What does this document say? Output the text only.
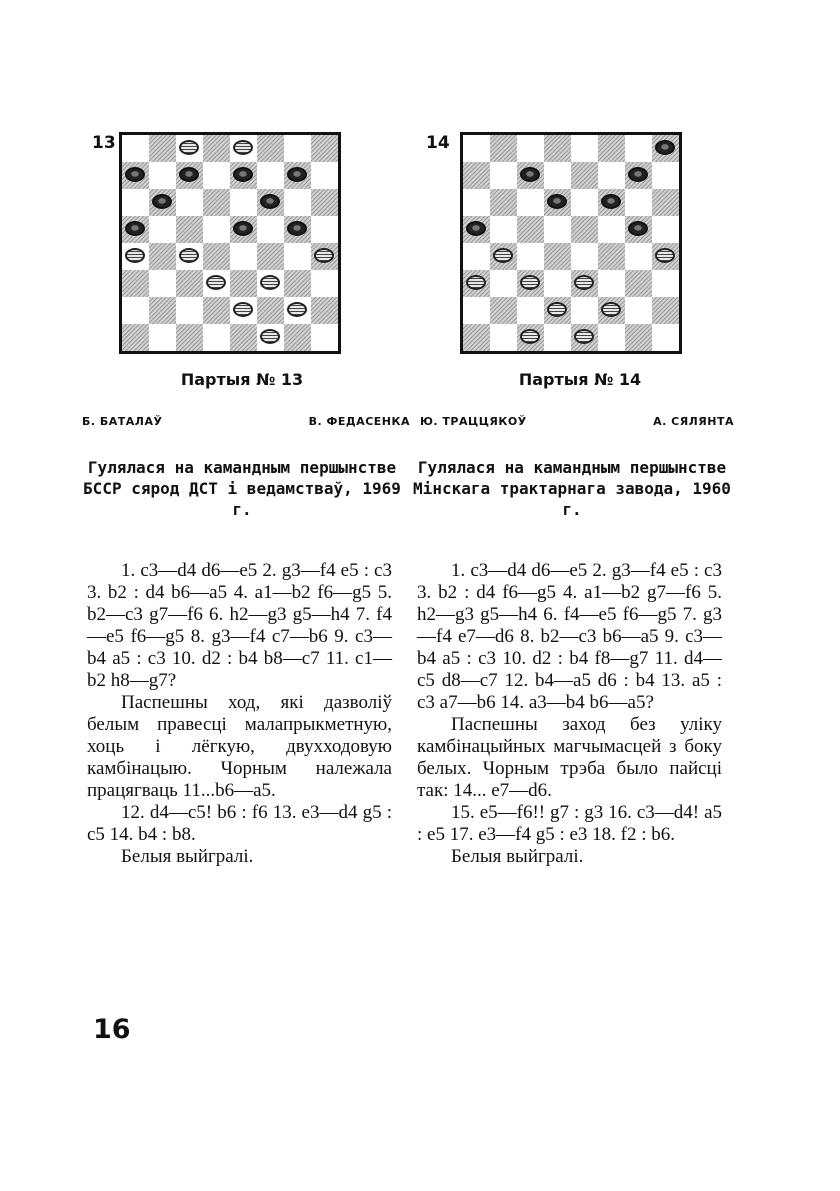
13
Партыя № 13
Б. БАТАЛАЎ	В. ФЕДАСЕНКА
Гулялася на камандным першынстве БССР сярод ДСТ і ведамстваў, 1969 г.

1. c3—d4 d6—e5 2. g3—f4 e5 : c3 3. b2 : d4 b6—a5 4. a1—b2 f6—g5 5. b2—c3 g7—f6 6. h2—g3 g5—h4 7. f4—e5 f6—g5 8. g3—f4 c7—b6 9. c3—b4 a5 : c3 10. d2 : b4 b8—c7 11. c1—b2 h8—g7?

Паспешны ход, які дазволіў белым правесці малапрыкметную, хоць і лёгкую, двухходовую камбінацыю. Чорным належала працягваць 11...b6—a5.

12. d4—c5! b6 : f6 13. e3—d4 g5 : c5 14. b4 : b8.

Белыя выйгралі.

14
Партыя № 14
Ю. ТРАЦЦЯКОЎ	А. СЯЛЯНТА
Гулялася на камандным першынстве Мінскага трактарнага завода, 1960 г.

1. c3—d4 d6—e5 2. g3—f4 e5 : c3 3. b2 : d4 f6—g5 4. a1—b2 g7—f6 5. h2—g3 g5—h4 6. f4—e5 f6—g5 7. g3—f4 e7—d6 8. b2—c3 b6—a5 9. c3—b4 a5 : c3 10. d2 : b4 f8—g7 11. d4—c5 d8—c7 12. b4—a5 d6 : b4 13. a5 : c3 a7—b6 14. a3—b4 b6—a5?

Паспешны заход без уліку камбінацыйных магчымасцей з боку белых. Чорным трэба было пайсці так: 14... e7—d6.

15. e5—f6!! g7 : g3 16. c3—d4! a5 : e5 17. e3—f4 g5 : e3 18. f2 : b6.

Белыя выйгралі.

16
